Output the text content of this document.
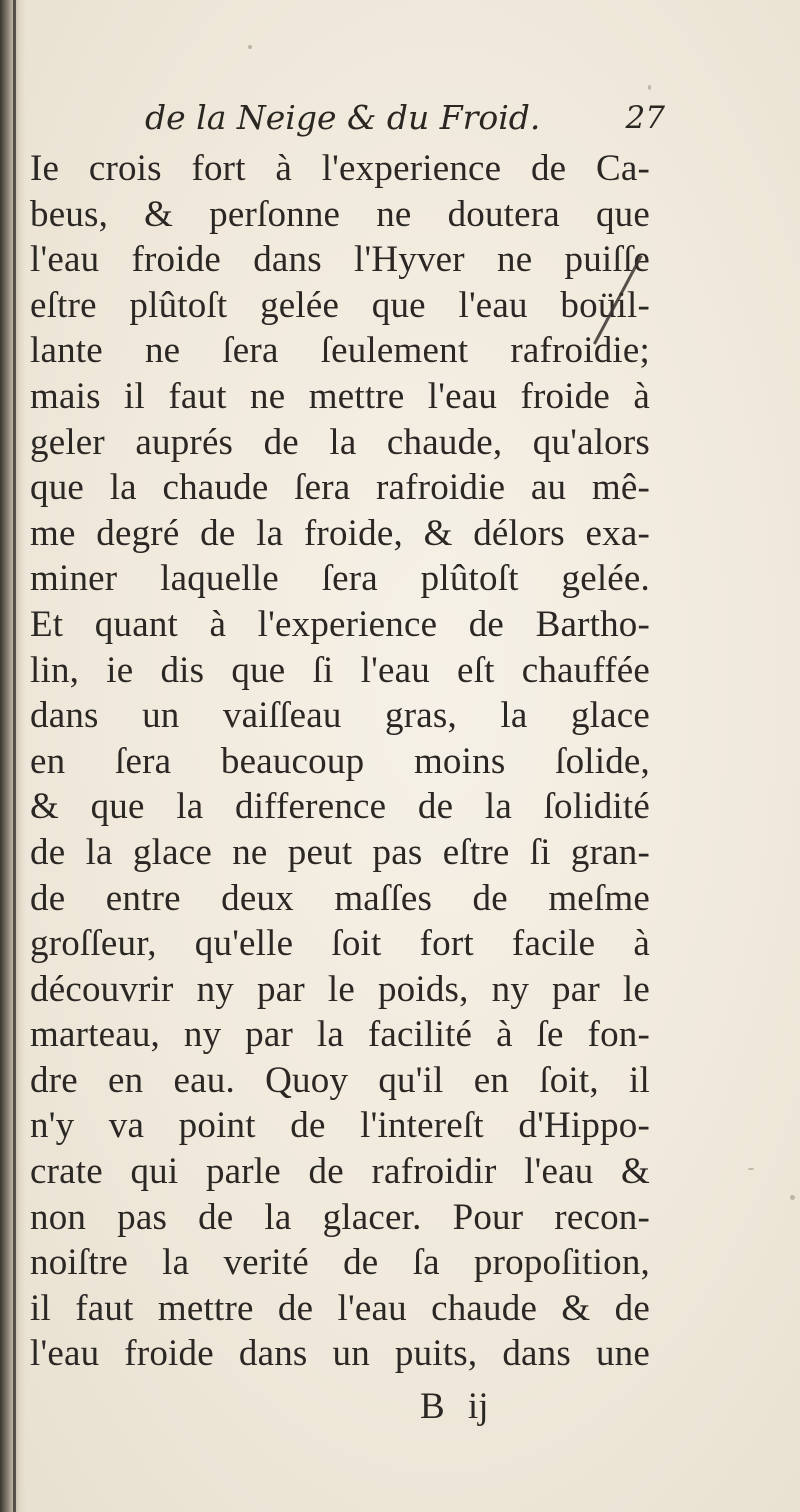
de la Neige & du Froid.	27
Ie crois fort à l'experience de Ca-
beus, & perſonne ne doutera que
l'eau froide dans l'Hyver ne puiſſe
eſtre plûtoſt gelée que l'eau boüil-
lante ne ſera ſeulement rafroidie;
mais il faut ne mettre l'eau froide à
geler auprés de la chaude, qu'alors
que la chaude ſera rafroidie au mê-
me degré de la froide, & délors exa-
miner laquelle ſera plûtoſt gelée.
Et quant à l'experience de Bartho-
lin, ie dis que ſi l'eau eſt chauffée
dans un vaiſſeau gras, la glace
en ſera beaucoup moins ſolide,
& que la difference de la ſolidité
de la glace ne peut pas eſtre ſi gran-
de entre deux maſſes de meſme
groſſeur, qu'elle ſoit fort facile à
découvrir ny par le poids, ny par le
marteau, ny par la facilité à ſe fon-
dre en eau. Quoy qu'il en ſoit, il
n'y va point de l'intereſt d'Hippo-
crate qui parle de rafroidir l'eau &
non pas de la glacer. Pour recon-
noiſtre la verité de ſa propoſition,
il faut mettre de l'eau chaude & de
l'eau froide dans un puits, dans une
B ij
